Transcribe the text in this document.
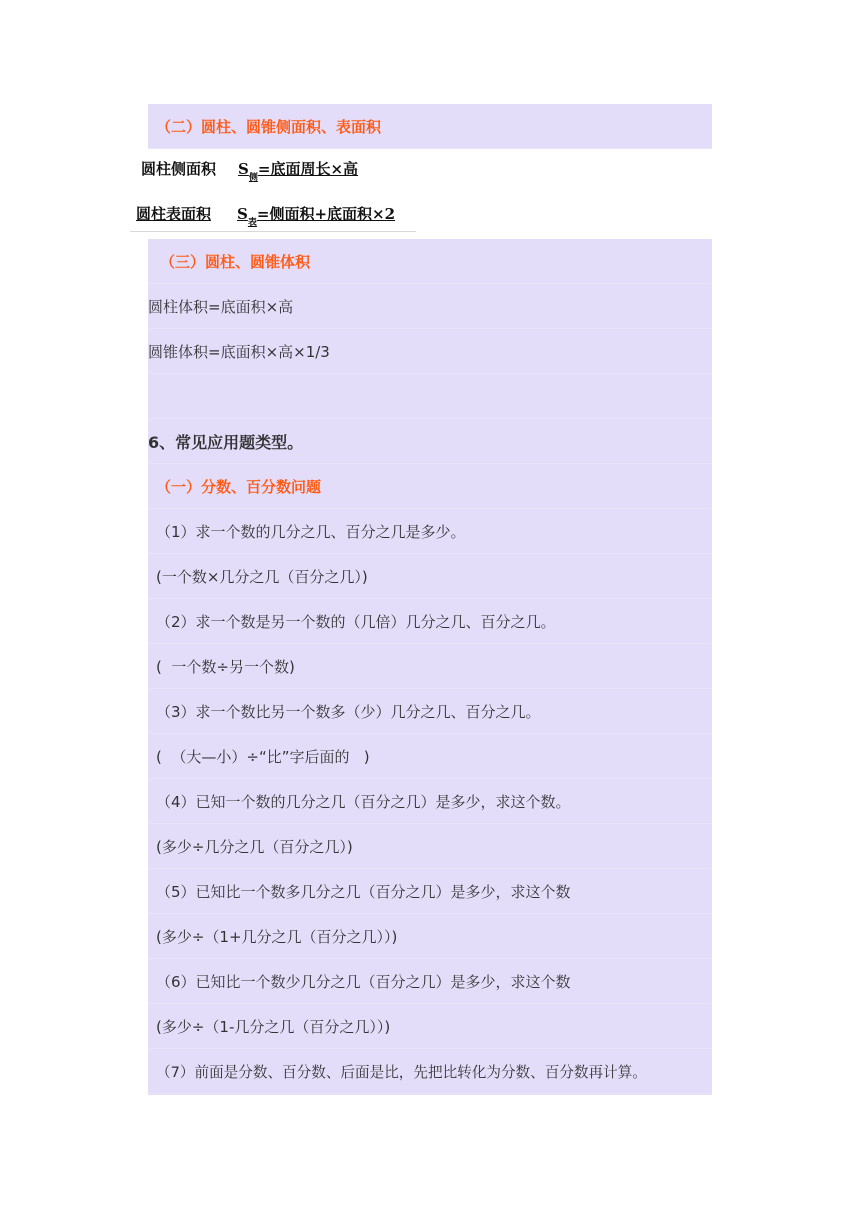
（二）圆柱、圆锥侧面积、表面积
圆柱侧面积 S 侧 =底面周长×高
圆柱表面积 S 表 =侧面积+底面积×2
（三）圆柱、圆锥体积
圆柱体积=底面积×高
圆锥体积=底面积×高×1/3
6、常见应用题类型。
（一）分数、百分数问题
（1）求一个数的几分之几、百分之几是多少。
(一个数×几分之几（百分之几）)
（2）求一个数是另一个数的（几倍）几分之几、百分之几。
(  一个数÷另一个数)
（3）求一个数比另一个数多（少）几分之几、百分之几。
(  （大—小）÷“比”字后面的   )
（4）已知一个数的几分之几（百分之几）是多少，求这个数。
(多少÷几分之几（百分之几）)
（5）已知比一个数多几分之几（百分之几）是多少，求这个数
(多少÷（1+几分之几（百分之几））)
（6）已知比一个数少几分之几（百分之几）是多少，求这个数
(多少÷（1-几分之几（百分之几））)
（7）前面是分数、百分数、后面是比，先把比转化为分数、百分数再计算。
